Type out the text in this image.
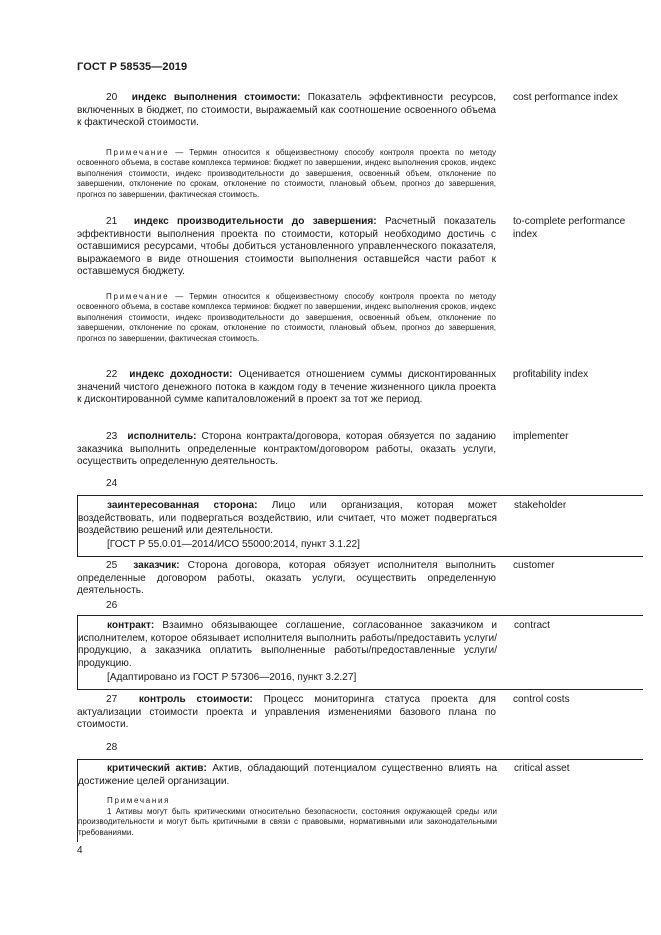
ГОСТ Р 58535—2019
20 индекс выполнения стоимости: Показатель эффективности ресурсов, включенных в бюджет, по стоимости, выражаемый как соотношение освоенного объема к фактической стоимости.
cost performance index
Примечание — Термин относится к общеизвестному способу контроля проекта по методу освоенного объема, в составе комплекса терминов: бюджет по завершении, индекс выполнения сроков, индекс выполнения стоимости, индекс производительности до завершения, освоенный объем, отклонение по завершении, отклонение по срокам, отклонение по стоимости, плановый объем, прогноз до завершения, прогноз по завершении, фактическая стоимость.
21 индекс производительности до завершения: Расчетный показатель эффективности выполнения проекта по стоимости, который необходимо достичь с оставшимися ресурсами, чтобы добиться установленного управленческого показателя, выражаемого в виде отношения стоимости выполнения оставшейся части работ к оставшемуся бюджету.
to-complete performance index
Примечание — Термин относится к общеизвестному способу контроля проекта по методу освоенного объема, в составе комплекса терминов: бюджет по завершении, индекс выполнения сроков, индекс выполнения стоимости, индекс производительности до завершения, освоенный объем, отклонение по завершении, отклонение по срокам, отклонение по стоимости, плановый объем, прогноз до завершения, прогноз по завершении, фактическая стоимость.
22 индекс доходности: Оценивается отношением суммы дисконтированных значений чистого денежного потока в каждом году в течение жизненного цикла проекта к дисконтированной сумме капиталовложений в проект за тот же период.
profitability index
23 исполнитель: Сторона контракта/договора, которая обязуется по заданию заказчика выполнить определенные контрактом/договором работы, оказать услуги, осуществить определенную деятельность.
implementer
24
заинтересованная сторона: Лицо или организация, которая может воздействовать, или подвергаться воздействию, или считает, что может подвергаться воздействию решений или деятельности.
stakeholder
[ГОСТ Р 55.0.01—2014/ИСО 55000:2014, пункт 3.1.22]
25 заказчик: Сторона договора, которая обязует исполнителя выполнить определенные договором работы, оказать услуги, осуществить определенную деятельность.
customer
26
контракт: Взаимно обязывающее соглашение, согласованное заказчиком и исполнителем, которое обязывает исполнителя выполнить работы/предоставить услуги/продукцию, а заказчика оплатить выполненные работы/предоставленные услуги/продукцию.
contract
[Адаптировано из ГОСТ Р 57306—2016, пункт 3.2.27]
27 контроль стоимости: Процесс мониторинга статуса проекта для актуализации стоимости проекта и управления изменениями базового плана по стоимости.
control costs
28
критический актив: Актив, обладающий потенциалом существенно влиять на достижение целей организации.
critical asset
Примечания
1 Активы могут быть критическими относительно безопасности, состояния окружающей среды или производительности и могут быть критичными в связи с правовыми, нормативными или законодательными требованиями.
4
